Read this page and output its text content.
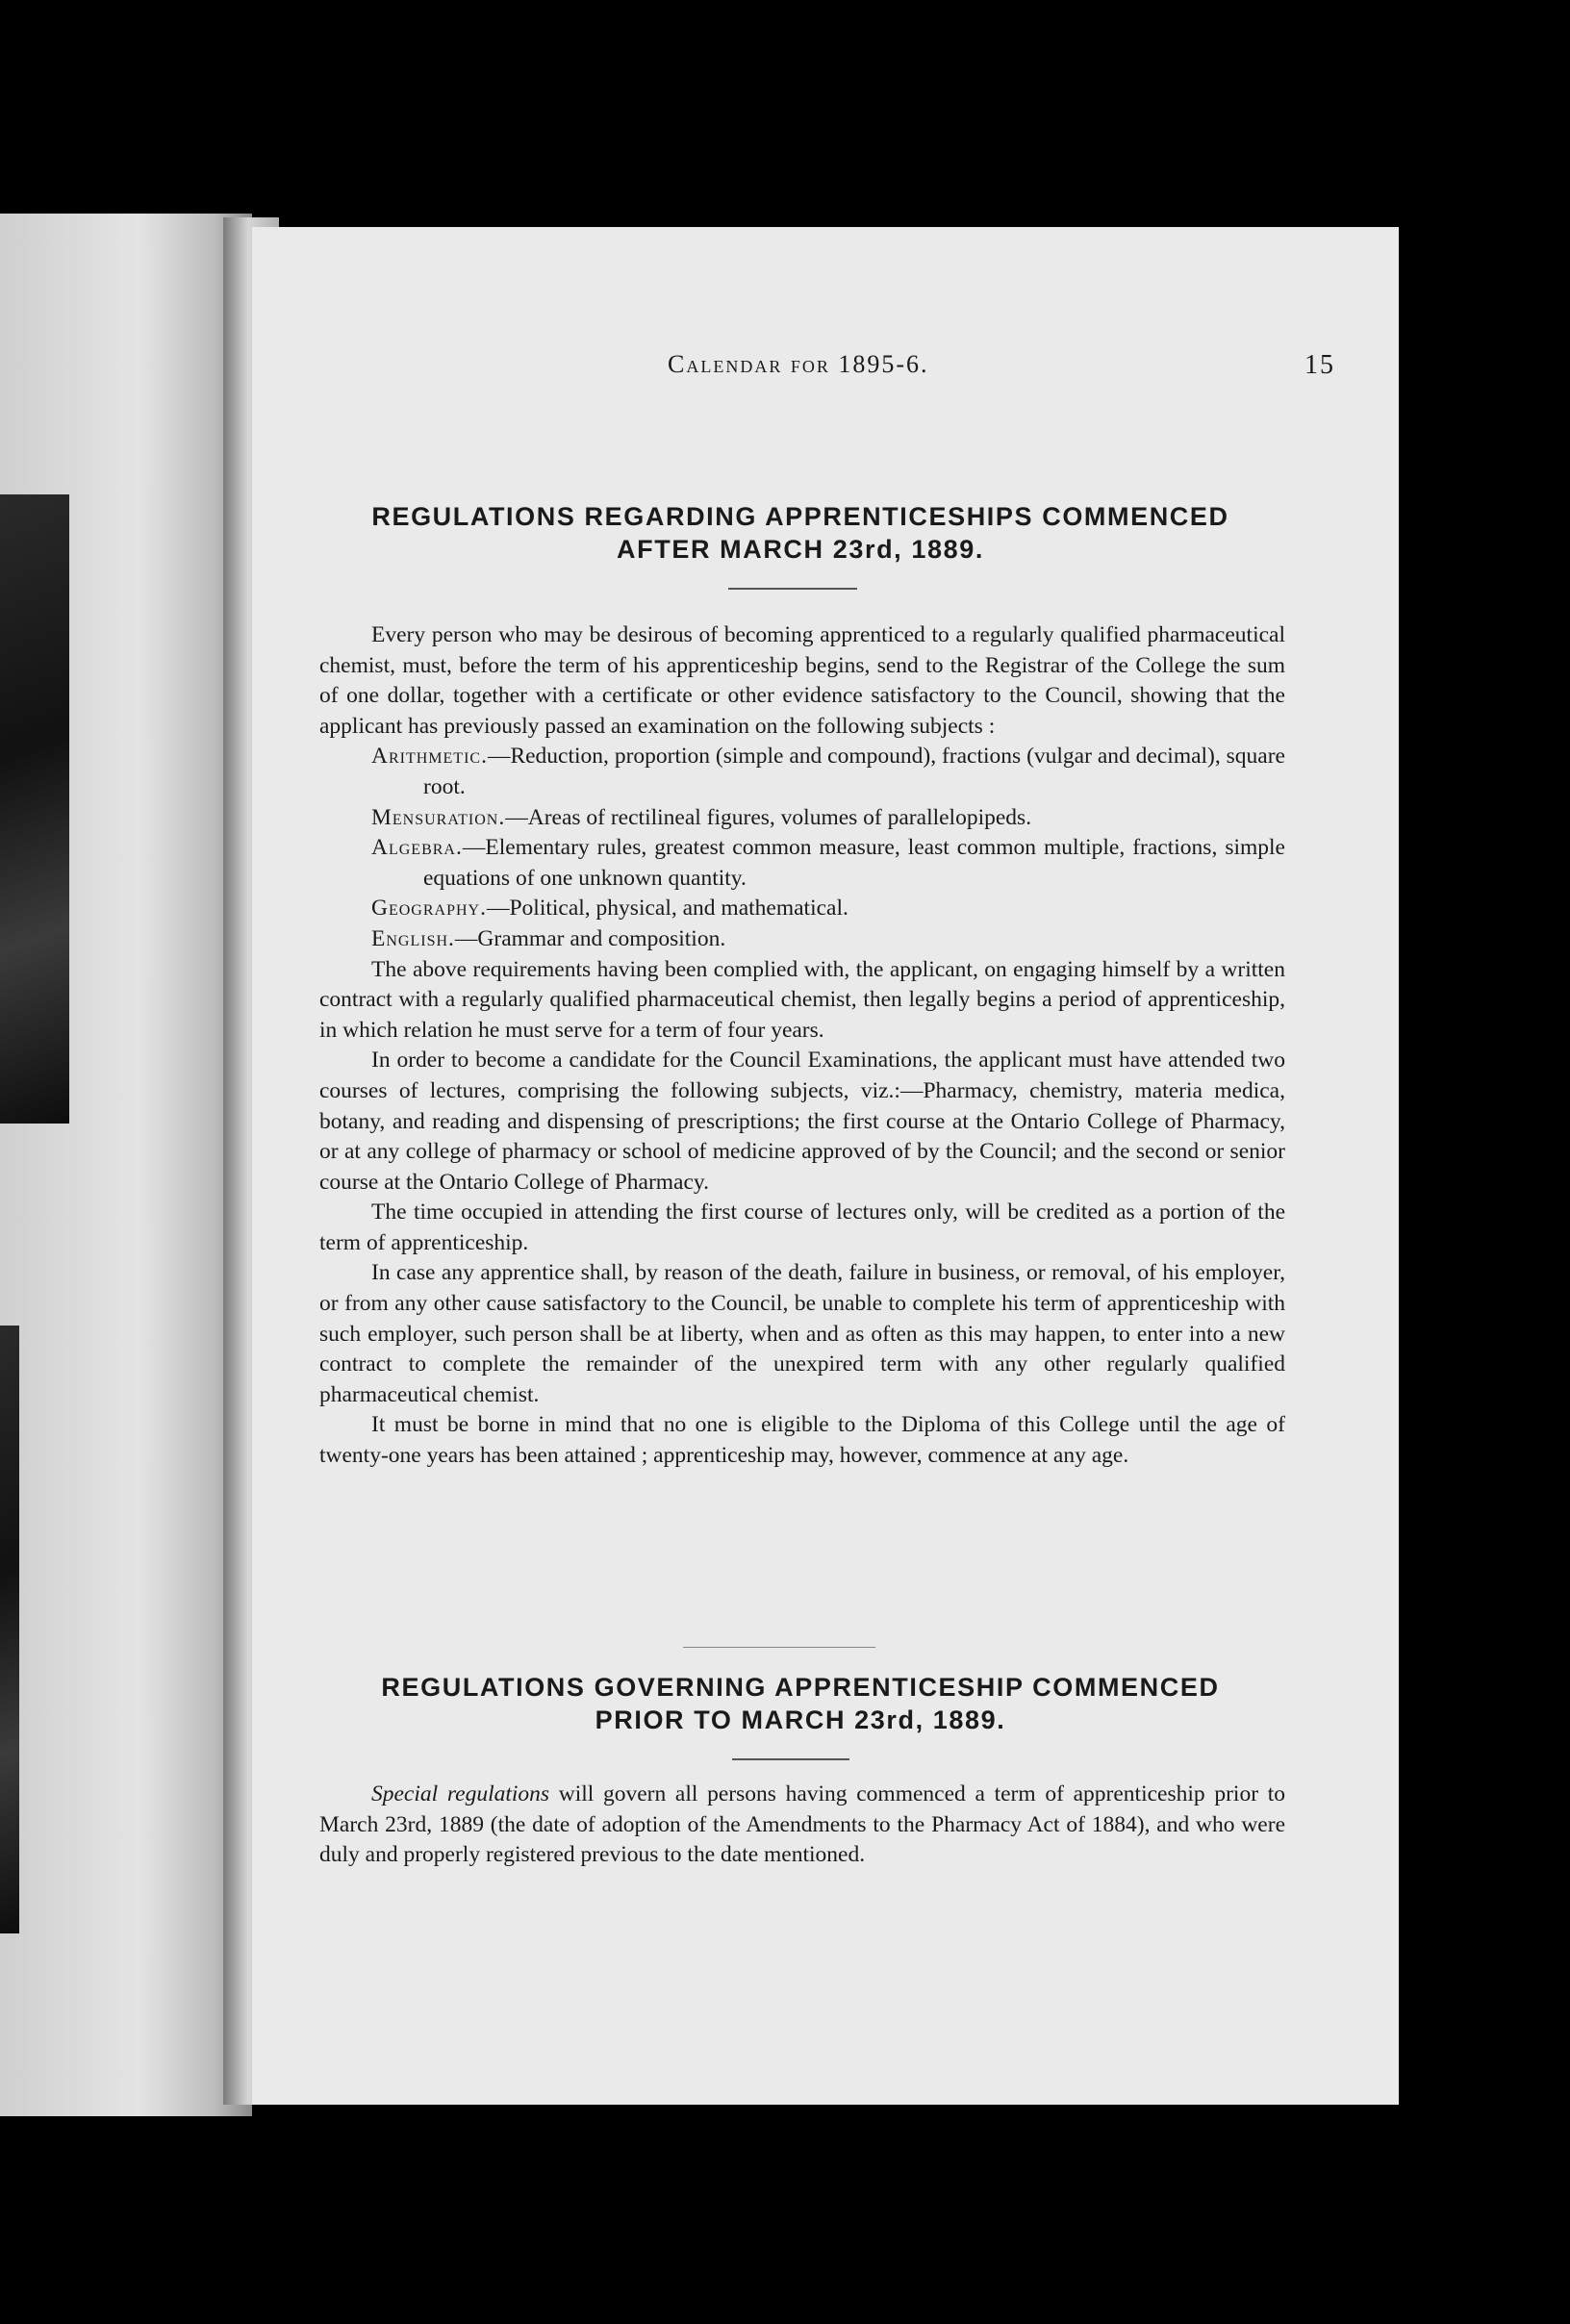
Calendar for 1895-6.	15
REGULATIONS REGARDING APPRENTICESHIPS COMMENCED
AFTER MARCH 23rd, 1889.

Every person who may be desirous of becoming apprenticed to a regularly qualified pharmaceutical chemist, must, before the term of his apprenticeship begins, send to the Registrar of the College the sum of one dollar, together with a certificate or other evidence satisfactory to the Council, showing that the applicant has previously passed an examination on the following subjects :

Arithmetic.—Reduction, proportion (simple and compound), fractions (vulgar and decimal), square root.
Mensuration.—Areas of rectilineal figures, volumes of parallelopipeds.
Algebra.—Elementary rules, greatest common measure, least common multiple, fractions, simple equations of one unknown quantity.
Geography.—Political, physical, and mathematical.
English.—Grammar and composition.

The above requirements having been complied with, the applicant, on engaging himself by a written contract with a regularly qualified pharmaceutical chemist, then legally begins a period of apprenticeship, in which relation he must serve for a term of four years.

In order to become a candidate for the Council Examinations, the applicant must have attended two courses of lectures, comprising the following subjects, viz.:—Pharmacy, chemistry, materia medica, botany, and reading and dispensing of prescriptions; the first course at the Ontario College of Pharmacy, or at any college of pharmacy or school of medicine approved of by the Council; and the second or senior course at the Ontario College of Pharmacy.

The time occupied in attending the first course of lectures only, will be credited as a portion of the term of apprenticeship.

In case any apprentice shall, by reason of the death, failure in business, or removal, of his employer, or from any other cause satisfactory to the Council, be unable to complete his term of apprenticeship with such employer, such person shall be at liberty, when and as often as this may happen, to enter into a new contract to complete the remainder of the unexpired term with any other regularly qualified pharmaceutical chemist.

It must be borne in mind that no one is eligible to the Diploma of this College until the age of twenty-one years has been attained ; apprenticeship may, however, commence at any age.

REGULATIONS GOVERNING APPRENTICESHIP COMMENCED
PRIOR TO MARCH 23rd, 1889.

Special regulations will govern all persons having commenced a term of apprenticeship prior to March 23rd, 1889 (the date of adoption of the Amendments to the Pharmacy Act of 1884), and who were duly and properly registered previous to the date mentioned.
